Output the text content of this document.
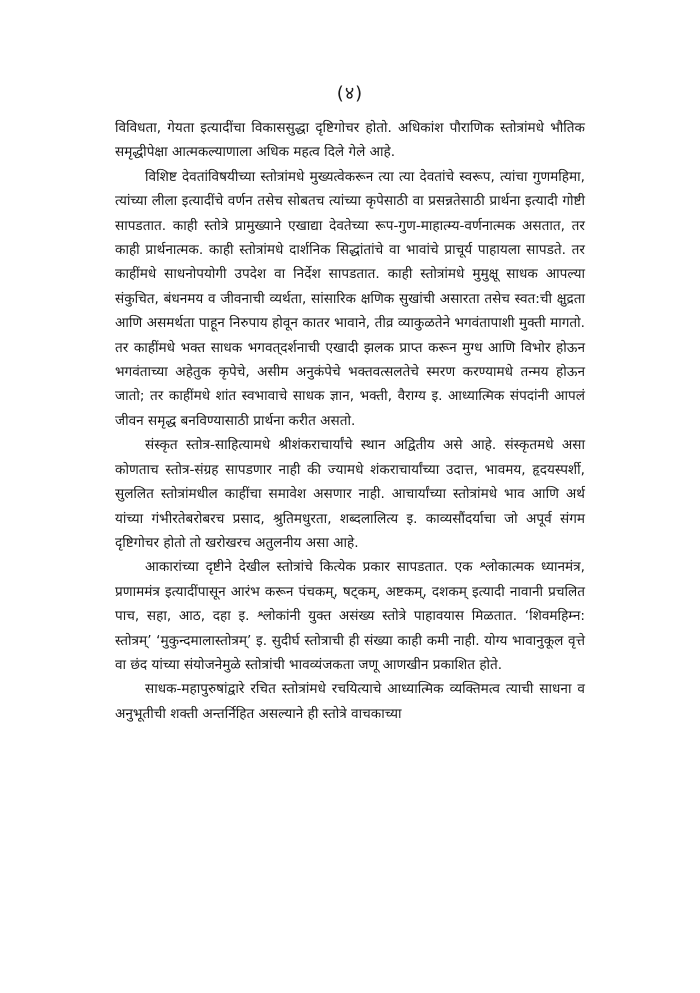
(४)

विविधता, गेयता इत्यादींचा विकाससुद्धा दृष्टिगोचर होतो. अधिकांश पौराणिक स्तोत्रांमधे भौतिक समृद्धीपेक्षा आत्मकल्याणाला अधिक महत्व दिले गेले आहे.

विशिष्ट देवतांविषयीच्या स्तोत्रांमधे मुख्यत्वेकरून त्या त्या देवतांचे स्वरूप, त्यांचा गुणमहिमा, त्यांच्या लीला इत्यादींचे वर्णन तसेच सोबतच त्यांच्या कृपेसाठी वा प्रसन्नतेसाठी प्रार्थना इत्यादी गोष्टी सापडतात. काही स्तोत्रे प्रामुख्याने एखाद्या देवतेच्या रूप-गुण-माहात्म्य-वर्णनात्मक असतात, तर काही प्रार्थनात्मक. काही स्तोत्रांमधे दार्शनिक सिद्धांतांचे वा भावांचे प्राचूर्य पाहायला सापडते. तर काहींमधे साधनोपयोगी उपदेश वा निर्देश सापडतात. काही स्तोत्रांमधे मुमुक्षू साधक आपल्या संकुचित, बंधनमय व जीवनाची व्यर्थता, सांसारिक क्षणिक सुखांची असारता तसेच स्वत:ची क्षुद्रता आणि असमर्थता पाहून निरुपाय होवून कातर भावाने, तीव्र व्याकुळतेने भगवंतापाशी मुक्ती मागतो. तर काहींमधे भक्त साधक भगवत्‌दर्शनाची एखादी झलक प्राप्त करून मुग्ध आणि विभोर होऊन भगवंताच्या अहेतुक कृपेचे, असीम अनुकंपेचे भक्तवत्सलतेचे स्मरण करण्यामधे तन्मय होऊन जातो; तर काहींमधे शांत स्वभावाचे साधक ज्ञान, भक्ती, वैराग्य इ. आध्यात्मिक संपदांनी आपलं जीवन समृद्ध बनविण्यासाठी प्रार्थना करीत असतो.

संस्कृत स्तोत्र-साहित्यामधे श्रीशंकराचार्यांचे स्थान अद्वितीय असे आहे. संस्कृतमधे असा कोणताच स्तोत्र-संग्रह सापडणार नाही की ज्यामधे शंकराचार्यांच्या उदात्त, भावमय, हृदयस्पर्शी, सुललित स्तोत्रांमधील काहींचा समावेश असणार नाही. आचार्यांच्या स्तोत्रांमधे भाव आणि अर्थ यांच्या गंभीरतेबरोबरच प्रसाद, श्रुतिमधुरता, शब्दलालित्य इ. काव्यसौंदर्याचा जो अपूर्व संगम दृष्टिगोचर होतो तो खरोखरच अतुलनीय असा आहे.

आकारांच्या दृष्टीने देखील स्तोत्रांचे कित्येक प्रकार सापडतात. एक श्लोकात्मक ध्यानमंत्र, प्रणाममंत्र इत्यादींपासून आरंभ करून पंचकम्, षट्कम्, अष्टकम्, दशकम् इत्यादी नावानी प्रचलित पाच, सहा, आठ, दहा इ. श्लोकांनी युक्त असंख्य स्तोत्रे पाहावयास मिळतात. ‘शिवमहिम्न: स्तोत्रम्’ ‘मुकुन्दमालास्तोत्रम्’ इ. सुदीर्घ स्तोत्राची ही संख्या काही कमी नाही. योग्य भावानुकूल वृत्ते वा छंद यांच्या संयोजनेमुळे स्तोत्रांची भावव्यंजकता जणू आणखीन प्रकाशित होते.

साधक-महापुरुषांद्वारे रचित स्तोत्रांमधे रचयित्याचे आध्यात्मिक व्यक्तिमत्व त्याची साधना व अनुभूतीची शक्ती अन्तर्निहित असल्याने ही स्तोत्रे वाचकाच्या
